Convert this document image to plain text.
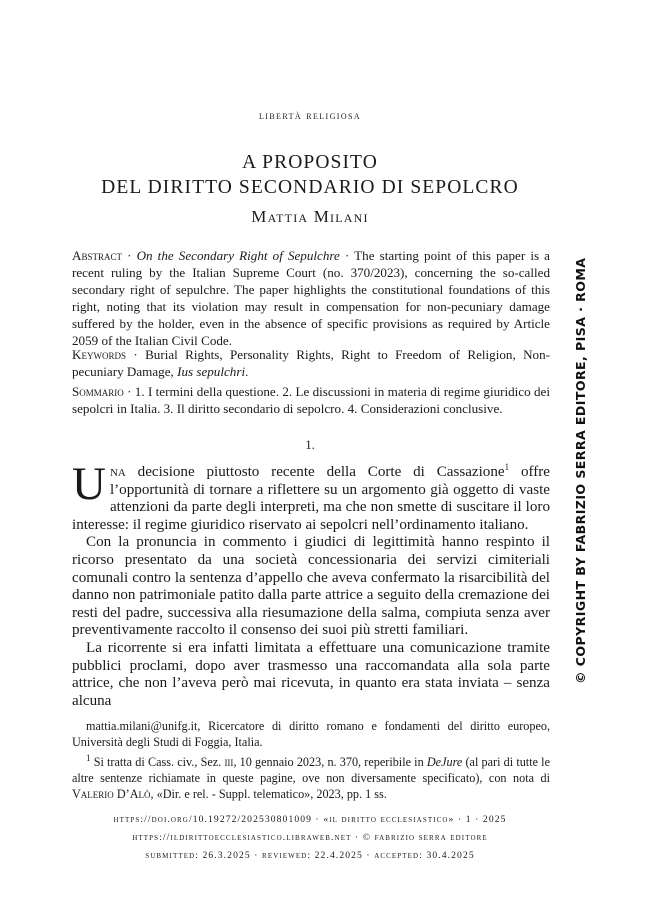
libertà religiosa
A PROPOSITO
DEL DIRITTO SECONDARIO DI SEPOLCRO
Mattia Milani
Abstract · On the Secondary Right of Sepulchre · The starting point of this paper is a recent ruling by the Italian Supreme Court (no. 370/2023), concerning the so-called secondary right of sepulchre. The paper highlights the constitutional foundations of this right, noting that its violation may result in compensation for non-pecuniary damage suffered by the holder, even in the absence of specific provisions as required by Article 2059 of the Italian Civil Code.
Keywords · Burial Rights, Personality Rights, Right to Freedom of Religion, Non-pecuniary Damage, Ius sepulchri.
Sommario · 1. I termini della questione. 2. Le discussioni in materia di regime giuridico dei sepolcri in Italia. 3. Il diritto secondario di sepolcro. 4. Considerazioni conclusive.
1.

Una decisione piuttosto recente della Corte di Cassazione$^1$ offre l’opportunità di tornare a riflettere su un argomento già oggetto di vaste attenzioni da parte degli interpreti, ma che non smette di suscitare il loro interesse: il regime giuridico riservato ai sepolcri nell’ordinamento italiano.

Con la pronuncia in commento i giudici di legittimità hanno respinto il ricorso presentato da una società concessionaria dei servizi cimiteriali comunali contro la sentenza d’appello che aveva confermato la risarcibilità del danno non patrimoniale patito dalla parte attrice a seguito della cremazione dei resti del padre, successiva alla riesumazione della salma, compiuta senza aver preventivamente raccolto il consenso dei suoi più stretti familiari.

La ricorrente si era infatti limitata a effettuare una comunicazione tramite pubblici proclami, dopo aver trasmesso una raccomandata alla sola parte attrice, che non l’aveva però mai ricevuta, in quanto era stata inviata – senza alcuna

mattia.milani@unifg.it, Ricercatore di diritto romano e fondamenti del diritto europeo, Università degli Studi di Foggia, Italia.

$^1$ Si tratta di Cass. civ., Sez. iii, 10 gennaio 2023, n. 370, reperibile in DeJure (al pari di tutte le altre sentenze richiamate in queste pagine, ove non diversamente specificato), con nota di Valerio D’Alò, «Dir. e rel. - Suppl. telematico», 2023, pp. 1 ss.

https://doi.org/10.19272/202530801009 · «il diritto ecclesiastico» · 1 · 2025
https://ildirittoecclesiastico.libraweb.net · © fabrizio serra editore
submitted: 26.3.2025 · reviewed: 22.4.2025 · accepted: 30.4.2025
© COPYRIGHT BY FABRIZIO SERRA EDITORE, PISA · ROMA
